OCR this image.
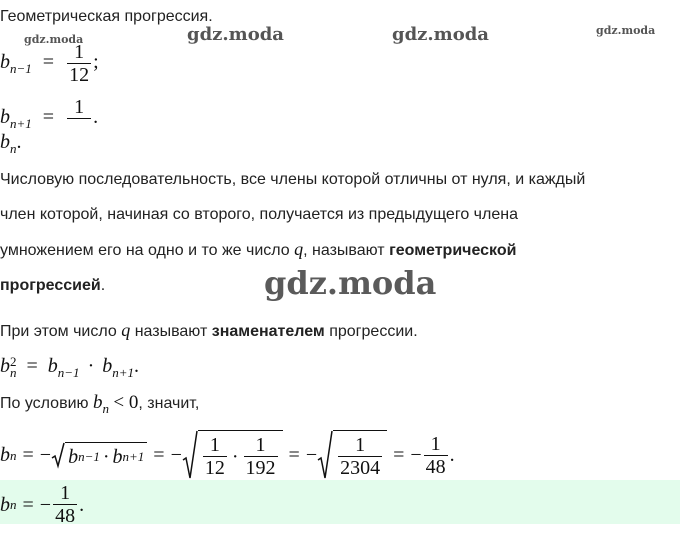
Геометрическая прогрессия.
gdz.moda	gdz.moda	gdz.moda	gdz.moda
$b_{n-1} = \frac{1}{12}$ ;
$b_{n+1}$ =	1
.
$b_n$.
Числовую последовательность, все члены которой отличны от нуля, и каждый
член которой, начиная со второго, получается из предыдущего члена
умножением его на одно и то же число q, называют геометрической
прогрессией.	gdz.moda
При этом число q называют знаменателем прогрессии.
b 2
$n = b_{n-1} \cdot b_{n+1}$.
По условию $b_n < 0$, значит,
b n = − b n−1 · b n+1 = − $\frac{1}{12} \cdot \frac{1}{192}$ = − $\frac{1}{2304}$ = − $\frac{1}{48}$ .
b n = − $\frac{1}{48}$ .
